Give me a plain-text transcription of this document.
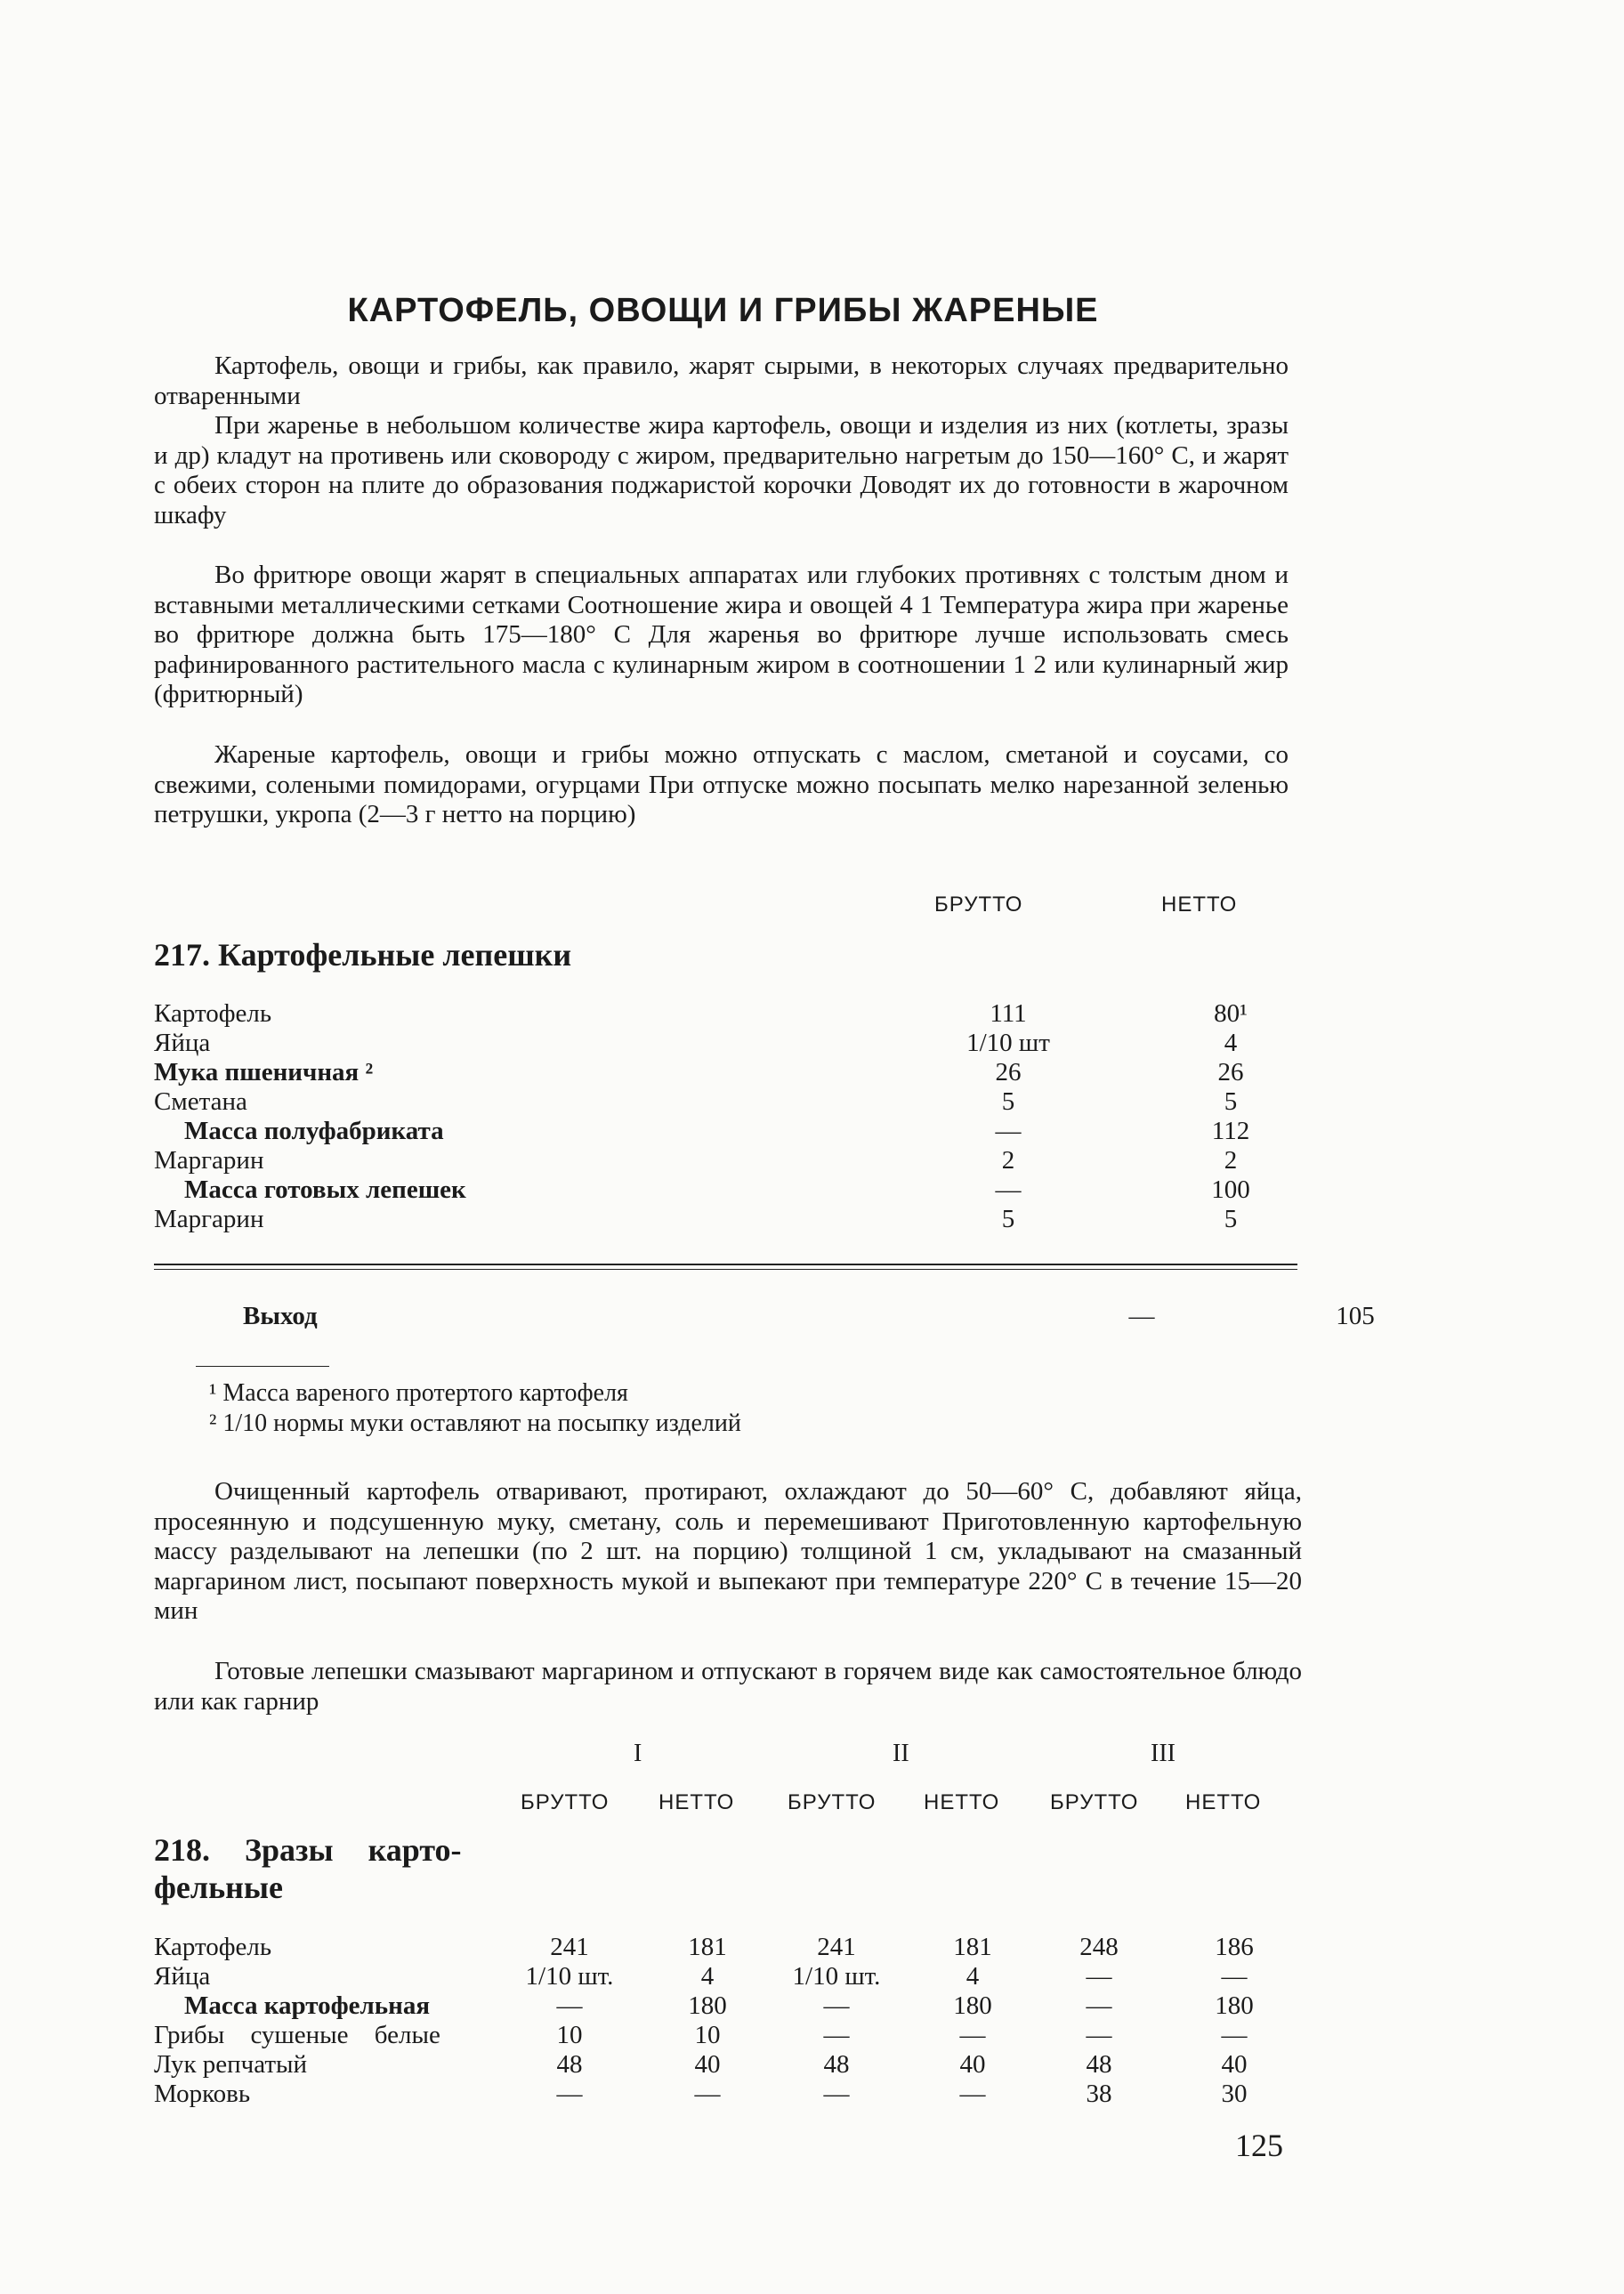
КАРТОФЕЛЬ, ОВОЩИ И ГРИБЫ ЖАРЕНЫЕ

Картофель, овощи и грибы, как правило, жарят сырыми, в некоторых случаях предварительно отваренными

При жаренье в небольшом количестве жира картофель, овощи и изделия из них (котлеты, зразы и др) кладут на противень или сковороду с жиром, предварительно нагретым до 150—160° С, и жарят с обеих сторон на плите до образования поджаристой корочки Доводят их до готовности в жарочном шкафу

Во фритюре овощи жарят в специальных аппаратах или глубоких противнях с толстым дном и вставными металлическими сетками Соотношение жира и овощей 4 1 Температура жира при жаренье во фритюре должна быть 175—180° С Для жаренья во фритюре лучше использовать смесь рафинированного растительного масла с кулинарным жиром в соотношении 1 2 или кулинарный жир (фритюрный)

Жареные картофель, овощи и грибы можно отпускать с маслом, сметаной и соусами, со свежими, солеными помидорами, огурцами При отпуске можно посыпать мелко нарезанной зеленью петрушки, укропа (2—3 г нетто на порцию)

БРУТТО	НЕТТО
217. Картофельные лепешки
Картофель	111	80¹
Яйца	1/10 шт	4
Мука пшеничная ²	26	26
Сметана	5	5
Масса полуфабриката	—	112
Маргарин	2	2
Масса готовых лепешек	—	100
Маргарин	5	5
Выход	—	105
¹ Масса вареного протертого картофеля
² 1/10 нормы муки оставляют на посыпку изделий

Очищенный картофель отваривают, протирают, охлаждают до 50—60° С, добавляют яйца, просеянную и подсушенную муку, сметану, соль и перемешивают Приготовленную картофельную массу разделывают на лепешки (по 2 шт. на порцию) толщиной 1 см, укладывают на смазанный маргарином лист, посыпают поверхность мукой и выпекают при температуре 220° С в течение 15—20 мин

Готовые лепешки смазывают маргарином и отпускают в горячем виде как самостоятельное блюдо или как гарнир

I	II	III
БРУТТО НЕТТО БРУТТО НЕТТО БРУТТО НЕТТО
218. Зразы карто-
фельные
Картофель	241	181	241	181	248	186
Яйца	1/10 шт.	4	1/10 шт.	4	—	—
Масса картофельная	—	180	—	180	—	180
Грибы сушеные белые	10	10	—	—	—	—
Лук репчатый	48	40	48	40	48	40
Морковь	—	—	—	—	38	30
125
